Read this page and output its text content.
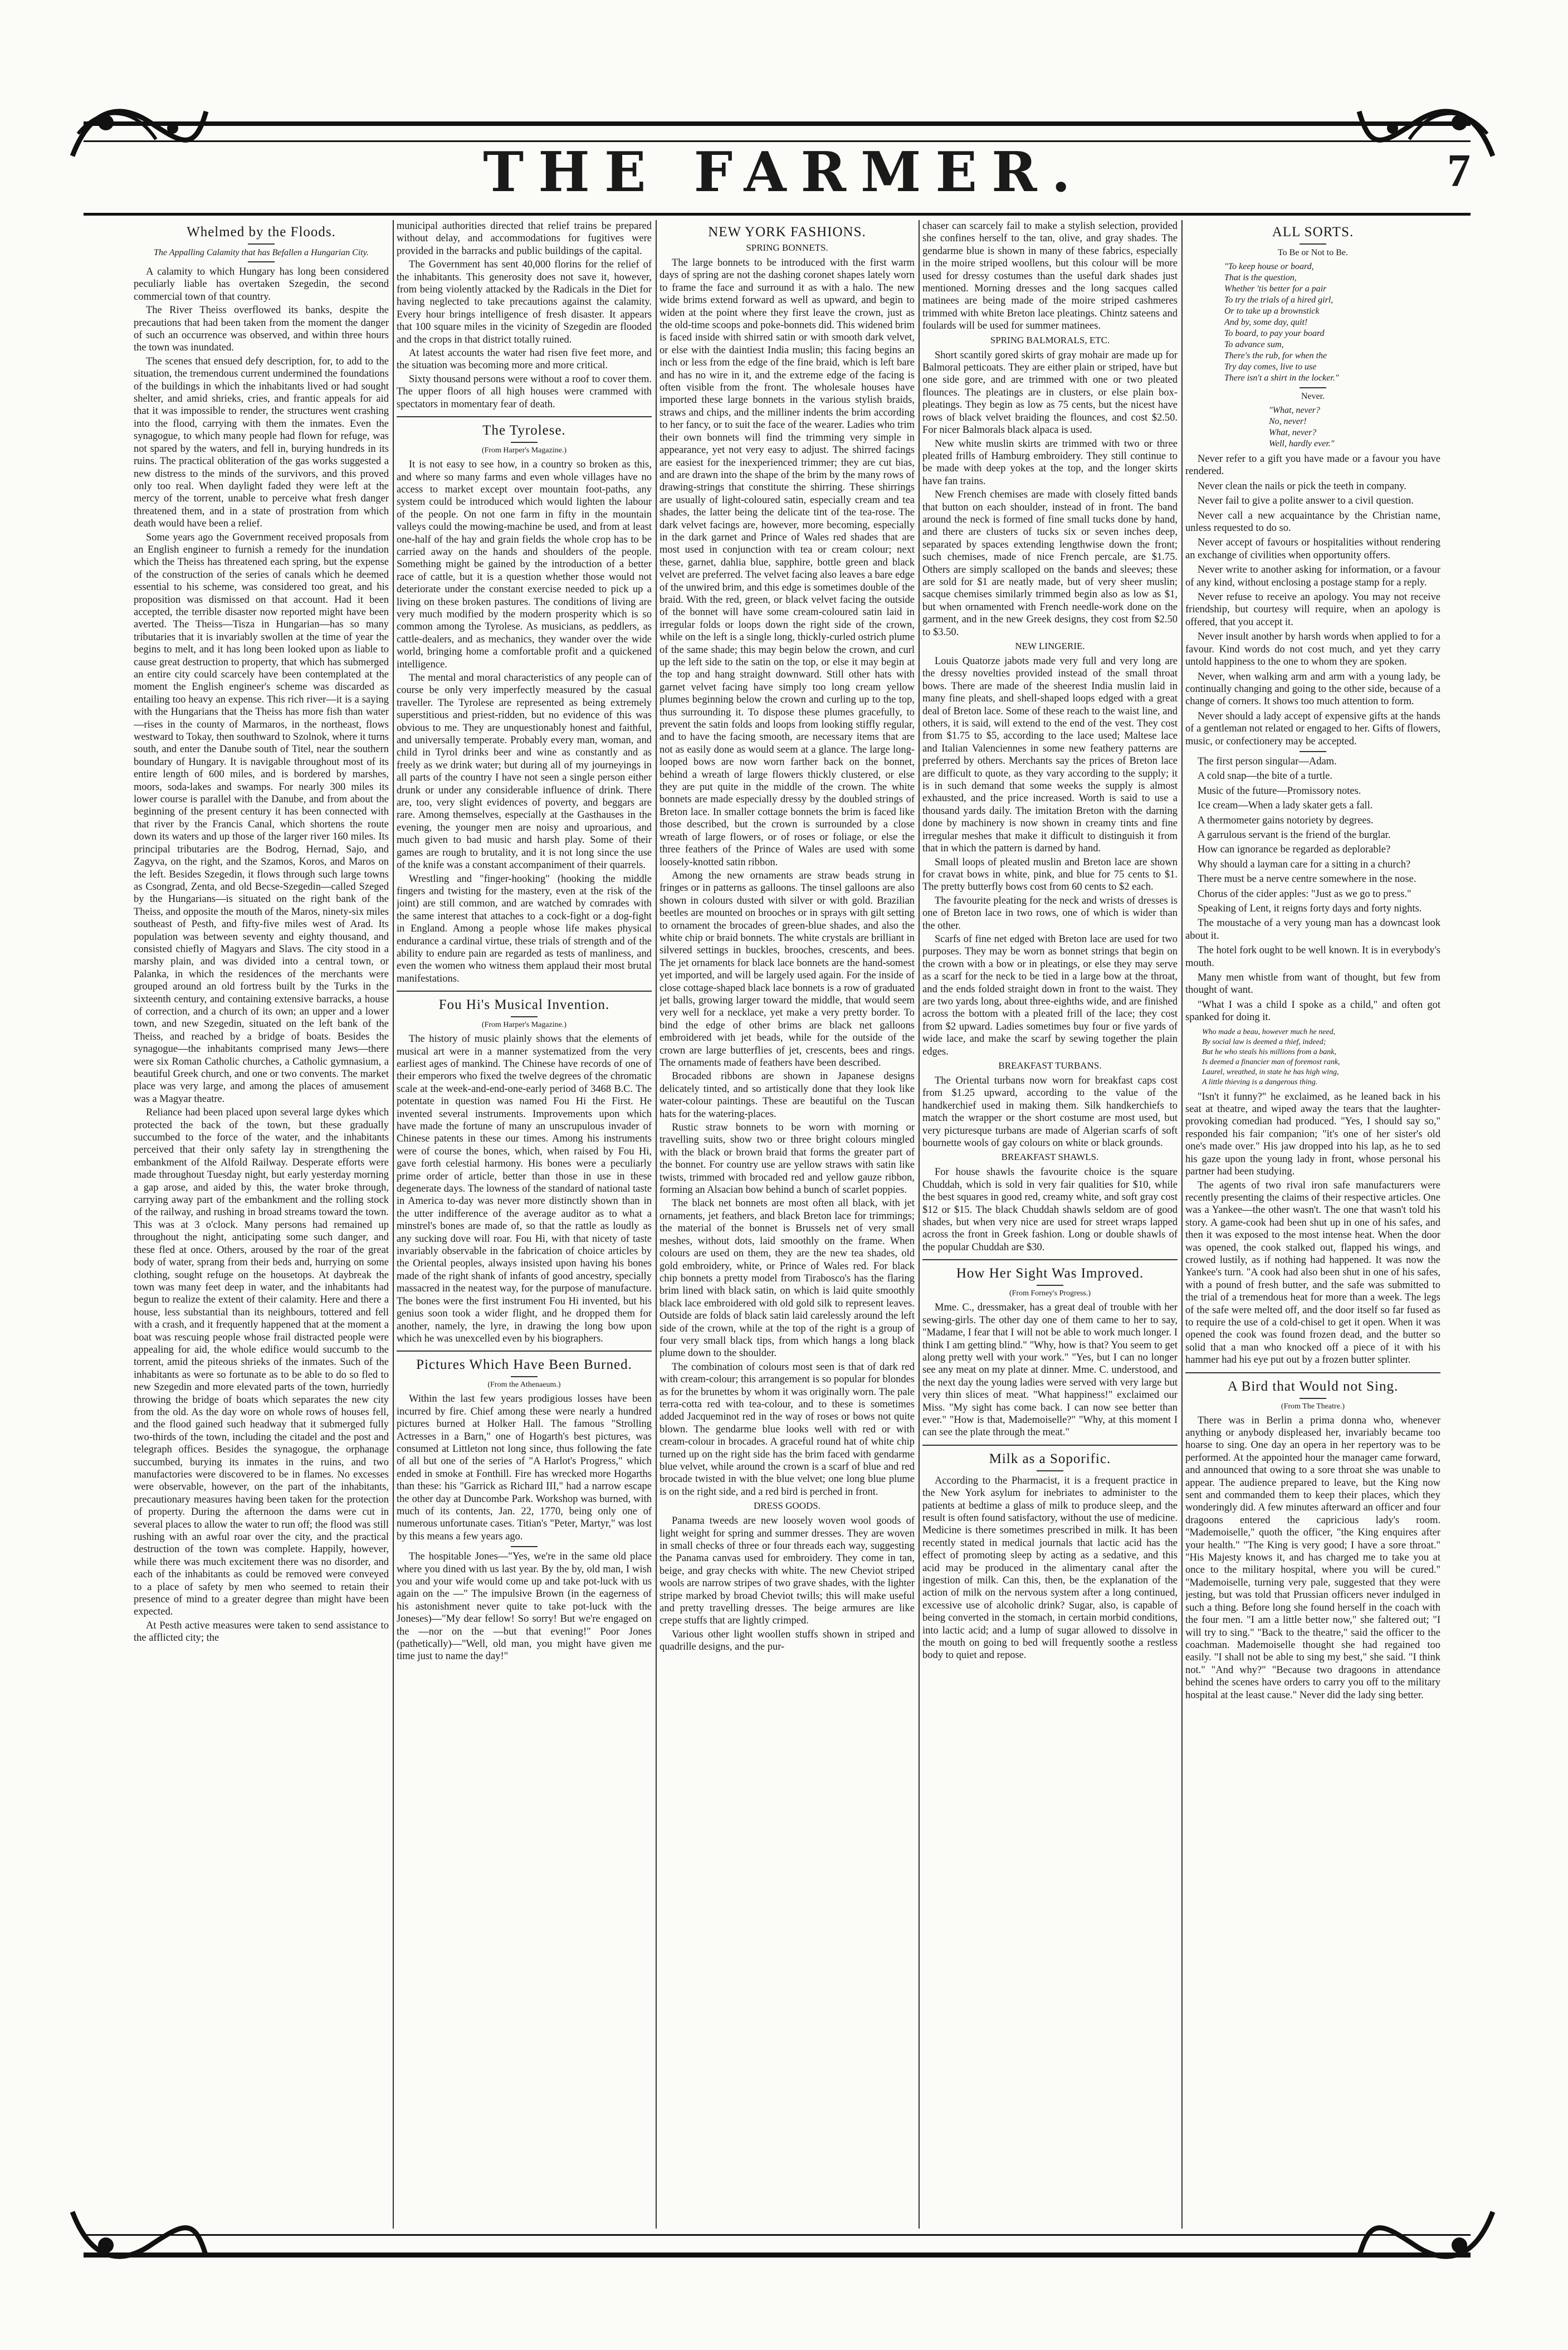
THE FARMER.	7
Whelmed by the Floods.
The Appalling Calamity that has Befallen a Hungarian City.

A calamity to which Hungary has long been considered peculiarly liable has overtaken Szegedin, the second commercial town of that country.

The River Theiss overflowed its banks, despite the precautions that had been taken from the moment the danger of such an occurrence was observed, and within three hours the town was inundated.

The scenes that ensued defy description, for, to add to the situation, the tremendous current undermined the foundations of the buildings in which the inhabitants lived or had sought shelter, and amid shrieks, cries, and frantic appeals for aid that it was impossible to render, the structures went crashing into the flood, carrying with them the inmates. Even the synagogue, to which many people had flown for refuge, was not spared by the waters, and fell in, burying hundreds in its ruins. The practical obliteration of the gas works suggested a new distress to the minds of the survivors, and this proved only too real. When daylight faded they were left at the mercy of the torrent, unable to perceive what fresh danger threatened them, and in a state of prostration from which death would have been a relief.

Some years ago the Government received proposals from an English engineer to furnish a remedy for the inundation which the Theiss has threatened each spring, but the expense of the construction of the series of canals which he deemed essential to his scheme, was considered too great, and his proposition was dismissed on that account. Had it been accepted, the terrible disaster now reported might have been averted. The Theiss—Tisza in Hungarian—has so many tributaries that it is invariably swollen at the time of year the begins to melt, and it has long been looked upon as liable to cause great destruction to property, that which has submerged an entire city could scarcely have been contemplated at the moment the English engineer's scheme was discarded as entailing too heavy an expense. This rich river—it is a saying with the Hungarians that the Theiss has more fish than water—rises in the county of Marmaros, in the northeast, flows westward to Tokay, then southward to Szolnok, where it turns south, and enter the Danube south of Titel, near the southern boundary of Hungary. It is navigable throughout most of its entire length of 600 miles, and is bordered by marshes, moors, soda-lakes and swamps. For nearly 300 miles its lower course is parallel with the Danube, and from about the beginning of the present century it has been connected with that river by the Francis Canal, which shortens the route down its waters and up those of the larger river 160 miles. Its principal tributaries are the Bodrog, Hernad, Sajo, and Zagyva, on the right, and the Szamos, Koros, and Maros on the left. Besides Szegedin, it flows through such large towns as Csongrad, Zenta, and old Becse-Szegedin—called Szeged by the Hungarians—is situated on the right bank of the Theiss, and opposite the mouth of the Maros, ninety-six miles southeast of Pesth, and fifty-five miles west of Arad. Its population was between seventy and eighty thousand, and consisted chiefly of Magyars and Slavs. The city stood in a marshy plain, and was divided into a central town, or Palanka, in which the residences of the merchants were grouped around an old fortress built by the Turks in the sixteenth century, and containing extensive barracks, a house of correction, and a church of its own; an upper and a lower town, and new Szegedin, situated on the left bank of the Theiss, and reached by a bridge of boats. Besides the synagogue—the inhabitants comprised many Jews—there were six Roman Catholic churches, a Catholic gymnasium, a beautiful Greek church, and one or two convents. The market place was very large, and among the places of amusement was a Magyar theatre.

Reliance had been placed upon several large dykes which protected the back of the town, but these gradually succumbed to the force of the water, and the inhabitants perceived that their only safety lay in strengthening the embankment of the Alfold Railway. Desperate efforts were made throughout Tuesday night, but early yesterday morning a gap arose, and aided by this, the water broke through, carrying away part of the embankment and the rolling stock of the railway, and rushing in broad streams toward the town. This was at 3 o'clock. Many persons had remained up throughout the night, anticipating some such danger, and these fled at once. Others, aroused by the roar of the great body of water, sprang from their beds and, hurrying on some clothing, sought refuge on the housetops. At daybreak the town was many feet deep in water, and the inhabitants had begun to realize the extent of their calamity. Here and there a house, less substantial than its neighbours, tottered and fell with a crash, and it frequently happened that at the moment a boat was rescuing people whose frail distracted people were appealing for aid, the whole edifice would succumb to the torrent, amid the piteous shrieks of the inmates. Such of the inhabitants as were so fortunate as to be able to do so fled to new Szegedin and more elevated parts of the town, hurriedly throwing the bridge of boats which separates the new city from the old. As the day wore on whole rows of houses fell, and the flood gained such headway that it submerged fully two-thirds of the town, including the citadel and the post and telegraph offices. Besides the synagogue, the orphanage succumbed, burying its inmates in the ruins, and two manufactories were discovered to be in flames. No excesses were observable, however, on the part of the inhabitants, precautionary measures having been taken for the protection of property. During the afternoon the dams were cut in several places to allow the water to run off; the flood was still rushing with an awful roar over the city, and the practical destruction of the town was complete. Happily, however, while there was much excitement there was no disorder, and each of the inhabitants as could be removed were conveyed to a place of safety by men who seemed to retain their presence of mind to a greater degree than might have been expected.

At Pesth active measures were taken to send assistance to the afflicted city; the

municipal authorities directed that relief trains be prepared without delay, and accommodations for fugitives were provided in the barracks and public buildings of the capital.

The Government has sent 40,000 florins for the relief of the inhabitants. This generosity does not save it, however, from being violently attacked by the Radicals in the Diet for having neglected to take precautions against the calamity. Every hour brings intelligence of fresh disaster. It appears that 100 square miles in the vicinity of Szegedin are flooded and the crops in that district totally ruined.

At latest accounts the water had risen five feet more, and the situation was becoming more and more critical.

Sixty thousand persons were without a roof to cover them. The upper floors of all high houses were crammed with spectators in momentary fear of death.

The Tyrolese.
(From Harper's Magazine.)

It is not easy to see how, in a country so broken as this, and where so many farms and even whole villages have no access to market except over mountain foot-paths, any system could be introduced which would lighten the labour of the people. On not one farm in fifty in the mountain valleys could the mowing-machine be used, and from at least one-half of the hay and grain fields the whole crop has to be carried away on the hands and shoulders of the people. Something might be gained by the introduction of a better race of cattle, but it is a question whether those would not deteriorate under the constant exercise needed to pick up a living on these broken pastures. The conditions of living are very much modified by the modern prosperity which is so common among the Tyrolese. As musicians, as peddlers, as cattle-dealers, and as mechanics, they wander over the wide world, bringing home a comfortable profit and a quickened intelligence.

The mental and moral characteristics of any people can of course be only very imperfectly measured by the casual traveller. The Tyrolese are represented as being extremely superstitious and priest-ridden, but no evidence of this was obvious to me. They are unquestionably honest and faithful, and universally temperate. Probably every man, woman, and child in Tyrol drinks beer and wine as constantly and as freely as we drink water; but during all of my journeyings in all parts of the country I have not seen a single person either drunk or under any considerable influence of drink. There are, too, very slight evidences of poverty, and beggars are rare. Among themselves, especially at the Gasthauses in the evening, the younger men are noisy and uproarious, and much given to bad music and harsh play. Some of their games are rough to brutality, and it is not long since the use of the knife was a constant accompaniment of their quarrels.

Wrestling and "finger-hooking" (hooking the middle fingers and twisting for the mastery, even at the risk of the joint) are still common, and are watched by comrades with the same interest that attaches to a cock-fight or a dog-fight in England. Among a people whose life makes physical endurance a cardinal virtue, these trials of strength and of the ability to endure pain are regarded as tests of manliness, and even the women who witness them applaud their most brutal manifestations.

Fou Hi's Musical Invention.
(From Harper's Magazine.)

The history of music plainly shows that the elements of musical art were in a manner systematized from the very earliest ages of mankind. The Chinese have records of one of their emperors who fixed the twelve degrees of the chromatic scale at the week-and-end-one-early period of 3468 B.C. The potentate in question was named Fou Hi the First. He invented several instruments. Improvements upon which have made the fortune of many an unscrupulous invader of Chinese patents in these our times. Among his instruments were of course the bones, which, when raised by Fou Hi, gave forth celestial harmony. His bones were a peculiarly prime order of article, better than those in use in these degenerate days. The lowness of the standard of national taste in America to-day was never more distinctly shown than in the utter indifference of the average auditor as to what a minstrel's bones are made of, so that the rattle as loudly as any sucking dove will roar. Fou Hi, with that nicety of taste invariably observable in the fabrication of choice articles by the Oriental peoples, always insisted upon having his bones made of the right shank of infants of good ancestry, specially massacred in the neatest way, for the purpose of manufacture. The bones were the first instrument Fou Hi invented, but his genius soon took a wider flight, and he dropped them for another, namely, the lyre, in drawing the long bow upon which he was unexcelled even by his biographers.

Pictures Which Have Been Burned.
(From the Athenaeum.)

Within the last few years prodigious losses have been incurred by fire. Chief among these were nearly a hundred pictures burned at Holker Hall. The famous "Strolling Actresses in a Barn," one of Hogarth's best pictures, was consumed at Littleton not long since, thus following the fate of all but one of the series of "A Harlot's Progress," which ended in smoke at Fonthill. Fire has wrecked more Hogarths than these: his "Garrick as Richard III," had a narrow escape the other day at Duncombe Park. Workshop was burned, with much of its contents, Jan. 22, 1770, being only one of numerous unfortunate cases. Titian's "Peter, Martyr," was lost by this means a few years ago.

The hospitable Jones—"Yes, we're in the same old place where you dined with us last year. By the by, old man, I wish you and your wife would come up and take pot-luck with us again on the —" The impulsive Brown (in the eagerness of his astonishment never quite to take pot-luck with the Joneses)—"My dear fellow! So sorry! But we're engaged on the —nor on the —but that evening!" Poor Jones (pathetically)—"Well, old man, you might have given me time just to name the day!"

NEW YORK FASHIONS.
SPRING BONNETS.

The large bonnets to be introduced with the first warm days of spring are not the dashing coronet shapes lately worn to frame the face and surround it as with a halo. The new wide brims extend forward as well as upward, and begin to widen at the point where they first leave the crown, just as the old-time scoops and poke-bonnets did. This widened brim is faced inside with shirred satin or with smooth dark velvet, or else with the daintiest India muslin; this facing begins an inch or less from the edge of the fine braid, which is left bare and has no wire in it, and the extreme edge of the facing is often visible from the front. The wholesale houses have imported these large bonnets in the various stylish braids, straws and chips, and the milliner indents the brim according to her fancy, or to suit the face of the wearer. Ladies who trim their own bonnets will find the trimming very simple in appearance, yet not very easy to adjust. The shirred facings are easiest for the inexperienced trimmer; they are cut bias, and are drawn into the shape of the brim by the many rows of drawing-strings that constitute the shirring. These shirrings are usually of light-coloured satin, especially cream and tea shades, the latter being the delicate tint of the tea-rose. The dark velvet facings are, however, more becoming, especially in the dark garnet and Prince of Wales red shades that are most used in conjunction with tea or cream colour; next these, garnet, dahlia blue, sapphire, bottle green and black velvet are preferred. The velvet facing also leaves a bare edge of the unwired brim, and this edge is sometimes double of the braid. With the red, green, or black velvet facing the outside of the bonnet will have some cream-coloured satin laid in irregular folds or loops down the right side of the crown, while on the left is a single long, thickly-curled ostrich plume of the same shade; this may begin below the crown, and curl up the left side to the satin on the top, or else it may begin at the top and hang straight downward. Still other hats with garnet velvet facing have simply too long cream yellow plumes beginning below the crown and curling up to the top, thus surrounding it. To dispose these plumes gracefully, to prevent the satin folds and loops from looking stiffly regular, and to have the facing smooth, are necessary items that are not as easily done as would seem at a glance. The large long-looped bows are now worn farther back on the bonnet, behind a wreath of large flowers thickly clustered, or else they are put quite in the middle of the crown. The white bonnets are made especially dressy by the doubled strings of Breton lace. In smaller cottage bonnets the brim is faced like those described, but the crown is surrounded by a close wreath of large flowers, or of roses or foliage, or else the three feathers of the Prince of Wales are used with some loosely-knotted satin ribbon.

Among the new ornaments are straw beads strung in fringes or in patterns as galloons. The tinsel galloons are also shown in colours dusted with silver or with gold. Brazilian beetles are mounted on brooches or in sprays with gilt setting to ornament the brocades of green-blue shades, and also the white chip or braid bonnets. The white crystals are brilliant in silvered settings in buckles, brooches, crescents, and bees. The jet ornaments for black lace bonnets are the hand-somest yet imported, and will be largely used again. For the inside of close cottage-shaped black lace bonnets is a row of graduated jet balls, growing larger toward the middle, that would seem very well for a necklace, yet make a very pretty border. To bind the edge of other brims are black net galloons embroidered with jet beads, while for the outside of the crown are large butterflies of jet, crescents, bees and rings. The ornaments made of feathers have been described.

Brocaded ribbons are shown in Japanese designs delicately tinted, and so artistically done that they look like water-colour paintings. These are beautiful on the Tuscan hats for the watering-places.

Rustic straw bonnets to be worn with morning or travelling suits, show two or three bright colours mingled with the black or brown braid that forms the greater part of the bonnet. For country use are yellow straws with satin like twists, trimmed with brocaded red and yellow gauze ribbon, forming an Alsacian bow behind a bunch of scarlet poppies.

The black net bonnets are most often all black, with jet ornaments, jet feathers, and black Breton lace for trimmings; the material of the bonnet is Brussels net of very small meshes, without dots, laid smoothly on the frame. When colours are used on them, they are the new tea shades, old gold embroidery, white, or Prince of Wales red. For black chip bonnets a pretty model from Tirabosco's has the flaring brim lined with black satin, on which is laid quite smoothly black lace embroidered with old gold silk to represent leaves. Outside are folds of black satin laid carelessly around the left side of the crown, while at the top of the right is a group of four very small black tips, from which hangs a long black plume down to the shoulder.

The combination of colours most seen is that of dark red with cream-colour; this arrangement is so popular for blondes as for the brunettes by whom it was originally worn. The pale terra-cotta red with tea-colour, and to these is sometimes added Jacqueminot red in the way of roses or bows not quite blown. The gendarme blue looks well with red or with cream-colour in brocades. A graceful round hat of white chip turned up on the right side has the brim faced with gendarme blue velvet, while around the crown is a scarf of blue and red brocade twisted in with the blue velvet; one long blue plume is on the right side, and a red bird is perched in front.

DRESS GOODS.

Panama tweeds are new loosely woven wool goods of light weight for spring and summer dresses. They are woven in small checks of three or four threads each way, suggesting the Panama canvas used for embroidery. They come in tan, beige, and gray checks with white. The new Cheviot striped wools are narrow stripes of two grave shades, with the lighter stripe marked by broad Cheviot twills; this will make useful and pretty travelling dresses. The beige armures are like crepe stuffs that are lightly crimped.

Various other light woollen stuffs shown in striped and quadrille designs, and the pur-

chaser can scarcely fail to make a stylish selection, provided she confines herself to the tan, olive, and gray shades. The gendarme blue is shown in many of these fabrics, especially in the moire striped woollens, but this colour will be more used for dressy costumes than the useful dark shades just mentioned. Morning dresses and the long sacques called matinees are being made of the moire striped cashmeres trimmed with white Breton lace pleatings. Chintz sateens and foulards will be used for summer matinees.

SPRING BALMORALS, ETC.

Short scantily gored skirts of gray mohair are made up for Balmoral petticoats. They are either plain or striped, have but one side gore, and are trimmed with one or two pleated flounces. The pleatings are in clusters, or else plain box-pleatings. They begin as low as 75 cents, but the nicest have rows of black velvet braiding the flounces, and cost $2.50. For nicer Balmorals black alpaca is used.

New white muslin skirts are trimmed with two or three pleated frills of Hamburg embroidery. They still continue to be made with deep yokes at the top, and the longer skirts have fan trains.

New French chemises are made with closely fitted bands that button on each shoulder, instead of in front. The band around the neck is formed of fine small tucks done by hand, and there are clusters of tucks six or seven inches deep, separated by spaces extending lengthwise down the front; such chemises, made of nice French percale, are $1.75. Others are simply scalloped on the bands and sleeves; these are sold for $1 are neatly made, but of very sheer muslin; sacque chemises similarly trimmed begin also as low as $1, but when ornamented with French needle-work done on the garment, and in the new Greek designs, they cost from $2.50 to $3.50.

NEW LINGERIE.

Louis Quatorze jabots made very full and very long are the dressy novelties provided instead of the small throat bows. There are made of the sheerest India muslin laid in many fine pleats, and shell-shaped loops edged with a great deal of Breton lace. Some of these reach to the waist line, and others, it is said, will extend to the end of the vest. They cost from $1.75 to $5, according to the lace used; Maltese lace and Italian Valenciennes in some new feathery patterns are preferred by others. Merchants say the prices of Breton lace are difficult to quote, as they vary according to the supply; it is in such demand that some weeks the supply is almost exhausted, and the price increased. Worth is said to use a thousand yards daily. The imitation Breton with the darning done by machinery is now shown in creamy tints and fine irregular meshes that make it difficult to distinguish it from that in which the pattern is darned by hand.

Small loops of pleated muslin and Breton lace are shown for cravat bows in white, pink, and blue for 75 cents to $1. The pretty butterfly bows cost from 60 cents to $2 each.

The favourite pleating for the neck and wrists of dresses is one of Breton lace in two rows, one of which is wider than the other.

Scarfs of fine net edged with Breton lace are used for two purposes. They may be worn as bonnet strings that begin on the crown with a bow or in pleatings, or else they may serve as a scarf for the neck to be tied in a large bow at the throat, and the ends folded straight down in front to the waist. They are two yards long, about three-eighths wide, and are finished across the bottom with a pleated frill of the lace; they cost from $2 upward. Ladies sometimes buy four or five yards of wide lace, and make the scarf by sewing together the plain edges.

BREAKFAST TURBANS.

The Oriental turbans now worn for breakfast caps cost from $1.25 upward, according to the value of the handkerchief used in making them. Silk handkerchiefs to match the wrapper or the short costume are most used, but very picturesque turbans are made of Algerian scarfs of soft bournette wools of gay colours on white or black grounds.

BREAKFAST SHAWLS.

For house shawls the favourite choice is the square Chuddah, which is sold in very fair qualities for $10, while the best squares in good red, creamy white, and soft gray cost $12 or $15. The black Chuddah shawls seldom are of good shades, but when very nice are used for street wraps lapped across the front in Greek fashion. Long or double shawls of the popular Chuddah are $30.

How Her Sight Was Improved.
(From Forney's Progress.)

Mme. C., dressmaker, has a great deal of trouble with her sewing-girls. The other day one of them came to her to say, "Madame, I fear that I will not be able to work much longer. I think I am getting blind." "Why, how is that? You seem to get along pretty well with your work." "Yes, but I can no longer see any meat on my plate at dinner. Mme. C. understood, and the next day the young ladies were served with very large but very thin slices of meat. "What happiness!" exclaimed our Miss. "My sight has come back. I can now see better than ever." "How is that, Mademoiselle?" "Why, at this moment I can see the plate through the meat."

Milk as a Soporific.

According to the Pharmacist, it is a frequent practice in the New York asylum for inebriates to administer to the patients at bedtime a glass of milk to produce sleep, and the result is often found satisfactory, without the use of medicine. Medicine is there sometimes prescribed in milk. It has been recently stated in medical journals that lactic acid has the effect of promoting sleep by acting as a sedative, and this acid may be produced in the alimentary canal after the ingestion of milk. Can this, then, be the explanation of the action of milk on the nervous system after a long continued, excessive use of alcoholic drink? Sugar, also, is capable of being converted in the stomach, in certain morbid conditions, into lactic acid; and a lump of sugar allowed to dissolve in the mouth on going to bed will frequently soothe a restless body to quiet and repose.

ALL SORTS.
To Be or Not to Be.
"To keep house or board,
That is the question,
Whether 'tis better for a pair
To try the trials of a hired girl,
Or to take up a brownstick
And by, some day, quit!
To board, to pay your board
To advance sum,
There's the rub, for when the
Try day comes, live to use
There isn't a shirt in the locker."
Never.
"What, never?
No, never!
What, never?
Well, hardly ever."

Never refer to a gift you have made or a favour you have rendered.

Never clean the nails or pick the teeth in company.

Never fail to give a polite answer to a civil question.

Never call a new acquaintance by the Christian name, unless requested to do so.

Never accept of favours or hospitalities without rendering an exchange of civilities when opportunity offers.

Never write to another asking for information, or a favour of any kind, without enclosing a postage stamp for a reply.

Never refuse to receive an apology. You may not receive friendship, but courtesy will require, when an apology is offered, that you accept it.

Never insult another by harsh words when applied to for a favour. Kind words do not cost much, and yet they carry untold happiness to the one to whom they are spoken.

Never, when walking arm and arm with a young lady, be continually changing and going to the other side, because of a change of corners. It shows too much attention to form.

Never should a lady accept of expensive gifts at the hands of a gentleman not related or engaged to her. Gifts of flowers, music, or confectionery may be accepted.

The first person singular—Adam.

A cold snap—the bite of a turtle.

Music of the future—Promissory notes.

Ice cream—When a lady skater gets a fall.

A thermometer gains notoriety by degrees.

A garrulous servant is the friend of the burglar.

How can ignorance be regarded as deplorable?

Why should a layman care for a sitting in a church?

There must be a nerve centre somewhere in the nose.

Chorus of the cider apples: "Just as we go to press."

Speaking of Lent, it reigns forty days and forty nights.

The moustache of a very young man has a downcast look about it.

The hotel fork ought to be well known. It is in everybody's mouth.

Many men whistle from want of thought, but few from thought of want.

"What I was a child I spoke as a child," and often got spanked for doing it.

Who made a beau, however much he need,
By social law is deemed a thief, indeed;
But he who steals his millions from a bank,
Is deemed a financier man of foremost rank,
Laurel, wreathed, in state he has high wing,
A little thieving is a dangerous thing.

"Isn't it funny?" he exclaimed, as he leaned back in his seat at theatre, and wiped away the tears that the laughter-provoking comedian had produced. "Yes, I should say so," responded his fair companion; "it's one of her sister's old one's made over." His jaw dropped into his lap, as he to sed his gaze upon the young lady in front, whose personal his partner had been studying.

The agents of two rival iron safe manufacturers were recently presenting the claims of their respective articles. One was a Yankee—the other wasn't. The one that wasn't told his story. A game-cook had been shut up in one of his safes, and then it was exposed to the most intense heat. When the door was opened, the cook stalked out, flapped his wings, and crowed lustily, as if nothing had happened. It was now the Yankee's turn. "A cook had also been shut in one of his safes, with a pound of fresh butter, and the safe was submitted to the trial of a tremendous heat for more than a week. The legs of the safe were melted off, and the door itself so far fused as to require the use of a cold-chisel to get it open. When it was opened the cook was found frozen dead, and the butter so solid that a man who knocked off a piece of it with his hammer had his eye put out by a frozen butter splinter.

A Bird that Would not Sing.
(From The Theatre.)

There was in Berlin a prima donna who, whenever anything or anybody displeased her, invariably became too hoarse to sing. One day an opera in her repertory was to be performed. At the appointed hour the manager came forward, and announced that owing to a sore throat she was unable to appear. The audience prepared to leave, but the King now sent and commanded them to keep their places, which they wonderingly did. A few minutes afterward an officer and four dragoons entered the capricious lady's room. "Mademoiselle," quoth the officer, "the King enquires after your health." "The King is very good; I have a sore throat." "His Majesty knows it, and has charged me to take you at once to the military hospital, where you will be cured." "Mademoiselle, turning very pale, suggested that they were jesting, but was told that Prussian officers never indulged in such a thing. Before long she found herself in the coach with the four men. "I am a little better now," she faltered out; "I will try to sing." "Back to the theatre," said the officer to the coachman. Mademoiselle thought she had regained too easily. "I shall not be able to sing my best," she said. "I think not." "And why?" "Because two dragoons in attendance behind the scenes have orders to carry you off to the military hospital at the least cause." Never did the lady sing better.
